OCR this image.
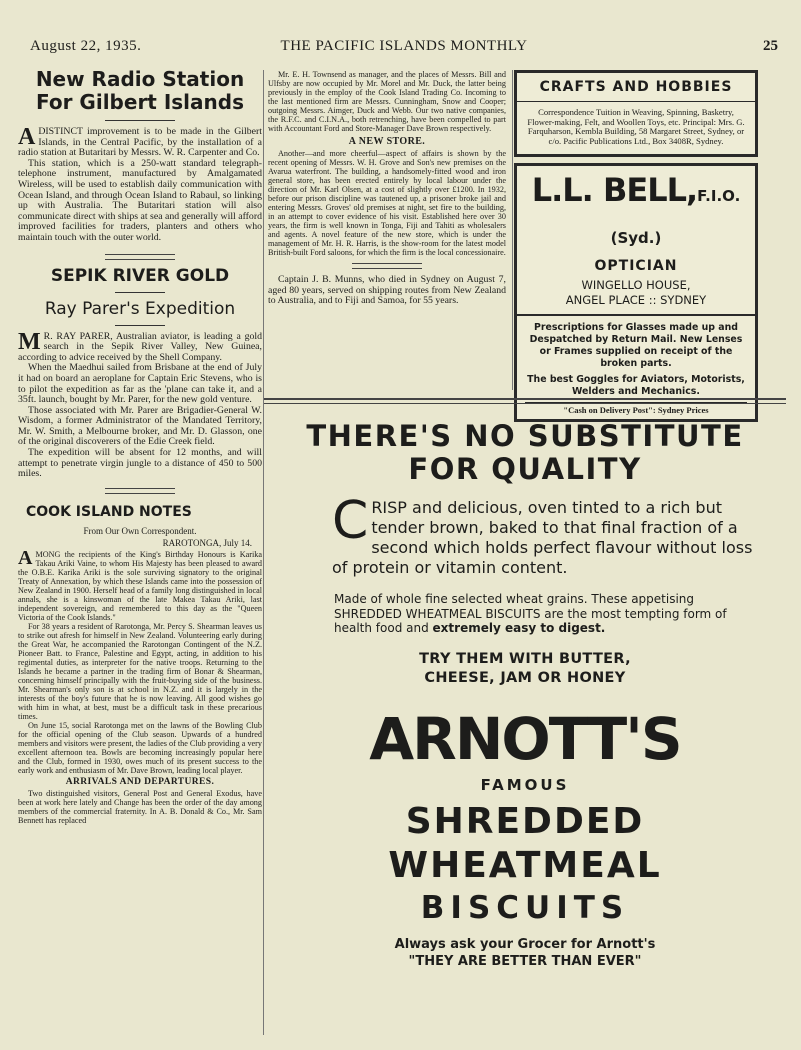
August 22, 1935.	THE PACIFIC ISLANDS MONTHLY	25
New Radio Station For Gilbert Islands

ADISTINCT improvement is to be made in the Gilbert Islands, in the Central Pacific, by the installation of a radio station at Butaritari by Messrs. W. R. Carpenter and Co.

This station, which is a 250-watt standard telegraph-telephone instrument, manufactured by Amalgamated Wireless, will be used to establish daily communication with Ocean Island, and through Ocean Island to Rabaul, so linking up with Australia. The Butaritari station will also communicate direct with ships at sea and generally will afford improved facilities for traders, planters and others who maintain touch with the outer world.

SEPIK RIVER GOLD
Ray Parer's Expedition

M R. RAY PARER, Australian aviator, is leading a gold search in the Sepik River Valley, New Guinea, according to advice received by the Shell Company.

When the Maedhui sailed from Brisbane at the end of July it had on board an aeroplane for Captain Eric Stevens, who is to pilot the expedition as far as the 'plane can take it, and a 35ft. launch, bought by Mr. Parer, for the new gold venture.

Those associated with Mr. Parer are Brigadier-General W. Wisdom, a former Administrator of the Mandated Territory, Mr. W. Smith, a Melbourne broker, and Mr. D. Glasson, one of the original discoverers of the Edie Creek field.

The expedition will be absent for 12 months, and will attempt to penetrate virgin jungle to a distance of 450 to 500 miles.

COOK ISLAND NOTES
From Our Own Correspondent.
RAROTONGA, July 14.

AMONG the recipients of the King's Birthday Honours is Karika Takau Ariki Vaine, to whom His Majesty has been pleased to award the O.B.E. Karika Ariki is the sole surviving signatory to the original Treaty of Annexation, by which these Islands came into the possession of New Zealand in 1900. Herself head of a family long distinguished in local annals, she is a kinswoman of the late Makea Takau Ariki, last independent sovereign, and remembered to this day as the "Queen Victoria of the Cook Islands."

For 38 years a resident of Rarotonga, Mr. Percy S. Shearman leaves us to strike out afresh for himself in New Zealand. Volunteering early during the Great War, he accompanied the Rarotongan Contingent of the N.Z. Pioneer Batt. to France, Palestine and Egypt, acting, in addition to his regimental duties, as interpreter for the native troops. Returning to the Islands he became a partner in the trading firm of Bonar & Shearman, concerning himself principally with the fruit-buying side of the business. Mr. Shearman's only son is at school in N.Z. and it is largely in the interests of the boy's future that he is now leaving. All good wishes go with him in what, at best, must be a difficult task in these precarious times.

On June 15, social Rarotonga met on the lawns of the Bowling Club for the official opening of the Club season. Upwards of a hundred members and visitors were present, the ladies of the Club providing a very excellent afternoon tea. Bowls are becoming increasingly popular here and the Club, formed in 1930, owes much of its present success to the early work and enthusiasm of Mr. Dave Brown, leading local player.

ARRIVALS AND DEPARTURES.

Two distinguished visitors, General Post and General Exodus, have been at work here lately and Change has been the order of the day among members of the commercial fraternity. In A. B. Donald & Co., Mr. Sam Bennett has replaced

Mr. E. H. Townsend as manager, and the places of Messrs. Bill and Ulfsby are now occupied by Mr. Morel and Mr. Duck, the latter being previously in the employ of the Cook Island Trading Co. Incoming to the last mentioned firm are Messrs. Cunningham, Snow and Cooper; outgoing Messrs. Aimger, Duck and Webb. Our two native companies, the R.F.C. and C.I.N.A., both retrenching, have been compelled to part with Accountant Ford and Store-Manager Dave Brown respectively.

A NEW STORE.

Another—and more cheerful—aspect of affairs is shown by the recent opening of Messrs. W. H. Grove and Son's new premises on the Avarua waterfront. The building, a handsomely-fitted wood and iron general store, has been erected entirely by local labour under the direction of Mr. Karl Olsen, at a cost of slightly over £1200. In 1932, before our prison discipline was tautened up, a prisoner broke jail and entering Messrs. Groves' old premises at night, set fire to the building, in an attempt to cover evidence of his visit. Established here over 30 years, the firm is well known in Tonga, Fiji and Tahiti as wholesalers and agents. A novel feature of the new store, which is under the management of Mr. H. R. Harris, is the show-room for the latest model British-built Ford saloons, for which the firm is the local concessionaire.

Captain J. B. Munns, who died in Sydney on August 7, aged 80 years, served on shipping routes from New Zealand to Australia, and to Fiji and Samoa, for 55 years.

CRAFTS AND HOBBIES

Correspondence Tuition in Weaving, Spinning, Basketry, Flower-making, Felt, and Woollen Toys, etc. Principal: Mrs. G. Farquharson, Kembla Building, 58 Margaret Street, Sydney, or c/o. Pacific Publications Ltd., Box 3408R, Sydney.

L.L. BELL,F.I.O. (Syd.)
OPTICIAN
WINGELLO HOUSE,
ANGEL PLACE :: SYDNEY

Prescriptions for Glasses made up and Despatched by Return Mail. New Lenses or Frames supplied on receipt of the broken parts.

The best Goggles for Aviators, Motorists, Welders and Mechanics.

"Cash on Delivery Post": Sydney Prices
THERE'S NO SUBSTITUTE
FOR QUALITY

CRISP and delicious, oven tinted to a rich but tender brown, baked to that final fraction of a second which holds perfect flavour without loss of protein or vitamin content.

Made of whole fine selected wheat grains. These appetising SHREDDED WHEATMEAL BISCUITS are the most tempting form of health food and extremely easy to digest.

TRY THEM WITH BUTTER,
CHEESE, JAM OR HONEY
ARNOTT'S
FAMOUS
SHREDDED
WHEATMEAL
BISCUITS
Always ask your Grocer for Arnott's
"THEY ARE BETTER THAN EVER"
